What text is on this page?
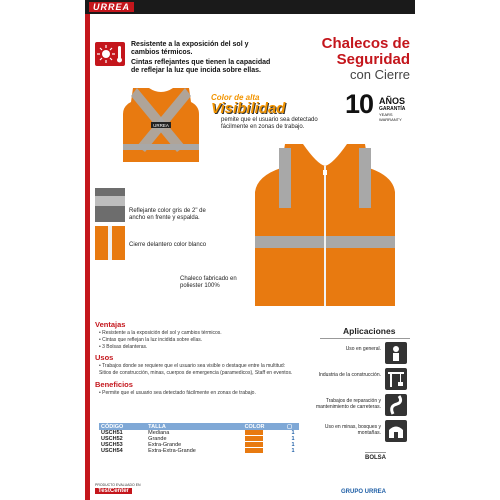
URREA

Resistente a la exposición del sol y cambios térmicos.

Cintas reflejantes que tienen la capacidad de reflejar la luz que incida sobre ellas.

Chalecos de Seguridad
con Cierre
URREA
Color de alta
Visibilidad
pemite que el usuario sea detectado fácilmente en zonas de trabajo.
10 AÑOS
GARANTÍA
YEARS WARRANTY
Reflejante color gris de 2" de ancho en frente y espalda.
Cierre delantero color blanco
Chaleco fabricado en poliester 100%
Ventajas
• Resistente a la exposición del sol y cambios térmicos.
• Cintas que reflejan la luz incidida sobre ellas.
• 3 Bolsas delanteras.
Usos
• Trabajos donde se requiere que el usuario sea visible o destaque entre la multitud:
Sitios de construcción, minas, cuerpos de emergencia (paramedicos), Staff en eventos.
Beneficios
• Permite que el usuario sea detectado fácilmente en zonas de trabajo.
CÓDIGO	TALLA	COLOR	▢
USCH51	Mediana		1
USCH52	Grande		1
USCH53	Extra-Grande		1
USCH54	Extra-Extra-Grande		1
Aplicaciones
Uso en general.
Industria de la construcción.
Trabajos de reparación y mantenimiento de carreteras.
Uso en minas, bosques y montañas.
BOLSA
PRODUCTO EVALUADO EN
TestCenter	GRUPO URREA
